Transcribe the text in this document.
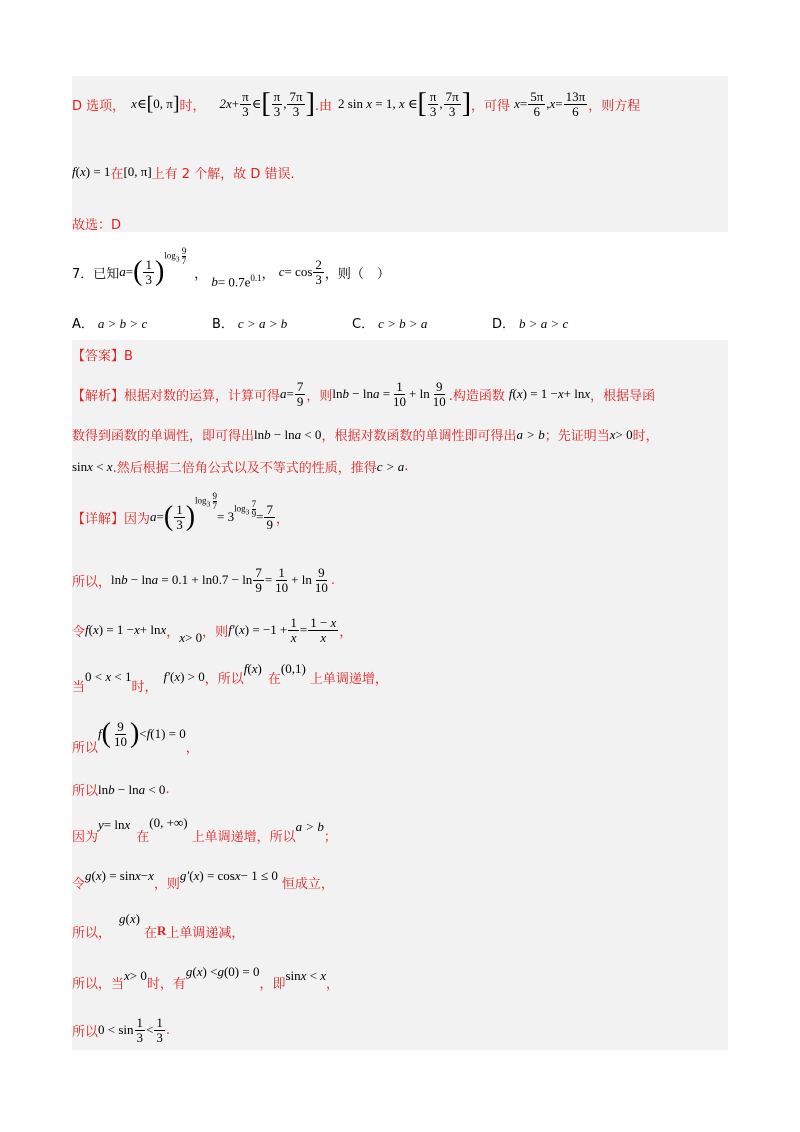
D 选项， x ∈ [ 0, π ] 时， $2x + \frac{\pi}{3}$ ∈ [ $\frac{\pi}{3}$ , $\frac{7\pi}{3}$ ] .由 2 sin x = 1, x ∈ [ $\frac{\pi}{3}$ , $\frac{7\pi}{3}$ ] ，可得 $x = \frac{5\pi}{6}$ , $x = \frac{13\pi}{6}$ ，则方程
f ( x ) = 1 在 [0, π] 上有 2 个解，故 D 错误.
故选：D
7．已知 a = ( $\frac{1}{3}$ )
$\log_3 \frac{9}{7}$
， $b = 0.7e^{0.1}$ ， $c = \cos \frac{2}{3}$ ，则（　）
A． a > b > c	B． c > a > b	C． c > b > a	D． b > a > c
【答案】B
【解析】根据对数的运算，计算可得 $a = \frac{7}{9}$ ，则 $\ln b - \ln a = \frac{1}{10} + \ln \frac{9}{10}$ .构造函数 f ( x ) = 1 − x + ln x ，根据导函
数得到函数的单调性，即可得出 lnb − lna < 0 ，根据对数函数的单调性即可得出 a > b ；先证明当 x > 0 时，
sinx < x .然后根据二倍角公式以及不等式的性质，推得 c > a .
【详解】因为 a = ( $\frac{1}{3}$ )
$\log_3 \frac{9}{7}$
= 3
$\log_3 \frac{7}{9} = \frac{7}{9}$ ，
所以， $\ln b - \ln a = 0.1 + \ln 0.7 - \ln \frac{7}{9} = \frac{1}{10} + \ln \frac{9}{10}$ .
令 f ( x ) = 1 − x + ln x ， x > 0 ，则 f′ ( x ) = $-1 + \frac{1}{x} = \frac{1 - x}{x}$ ，
当
0 < x < 1
时，
f′ ( x ) > 0 ，所以
f ( x )
在
(0,1)
上单调递增，
所以
f ( $\frac{9}{10}$ ) < f (1) = 0
，
所以 lnb − lna < 0 .
因为
y = ln x
在
(0, +∞)
上单调递增，所以
a > b
；
令
g ( x ) = sin x − x
，则
g′ ( x ) = cos x − 1 ≤ 0
恒成立，
所以，
g ( x )
在 R 上单调递减，
所以，当
x > 0
时，有
g ( x ) < g (0) = 0
，即
sinx < x
，
所以 $0 < \sin \frac{1}{3} < \frac{1}{3}$ .
